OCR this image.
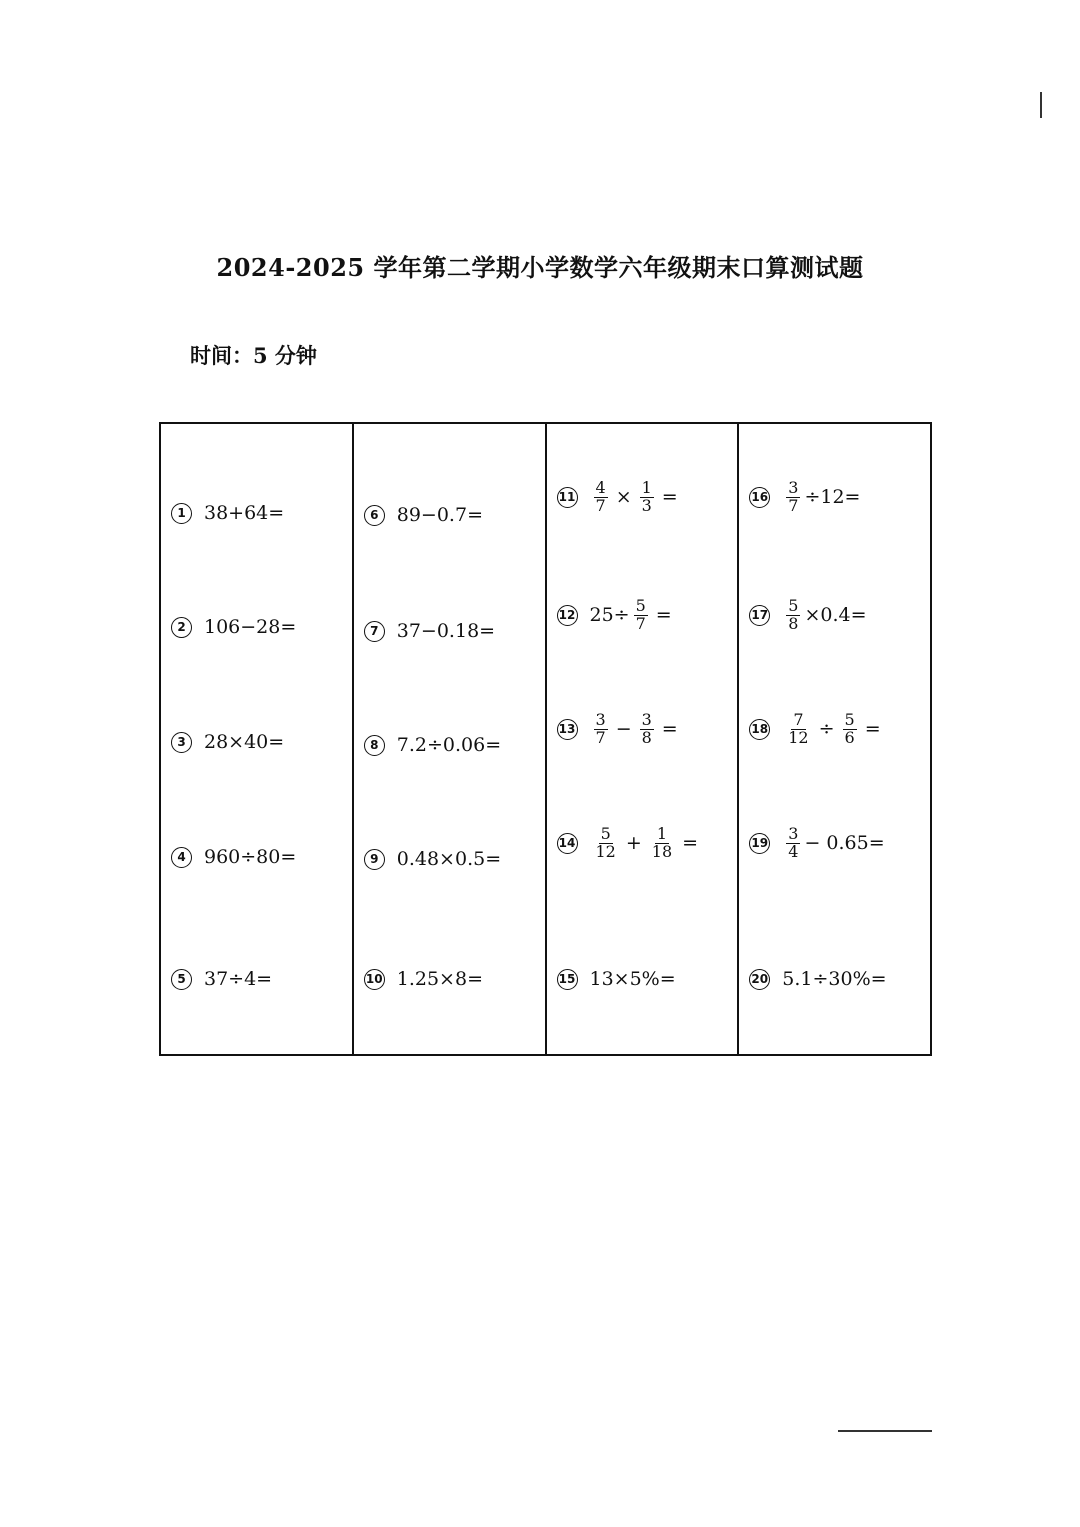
2024-2025 学年第二学期小学数学六年级期末口算测试题
时间：5 分钟
1 38+64=
2 106−28=
3 28×40=
4 960÷80=
5 37÷4=
6 89−0.7=
7 37−0.18=
8 7.2÷0.06=
9 0.48×0.5=
10 1.25×8=
$11 \frac{4}{7} \times \frac{1}{3}$ =
12 $25\div \frac{5}{7}$ =
$13 \frac{3}{7} - \frac{3}{8}$ =
$14 \frac{5}{12} + \frac{1}{18}$ =
15 13×5%=
$16 \frac{3}{7} \div 12=$
$17 \frac{5}{8} \times 0.4=$
$18 \frac{7}{12} \div \frac{5}{6}$ =
$19 \frac{3}{4} - 0.65=$
20 5.1÷30%=
